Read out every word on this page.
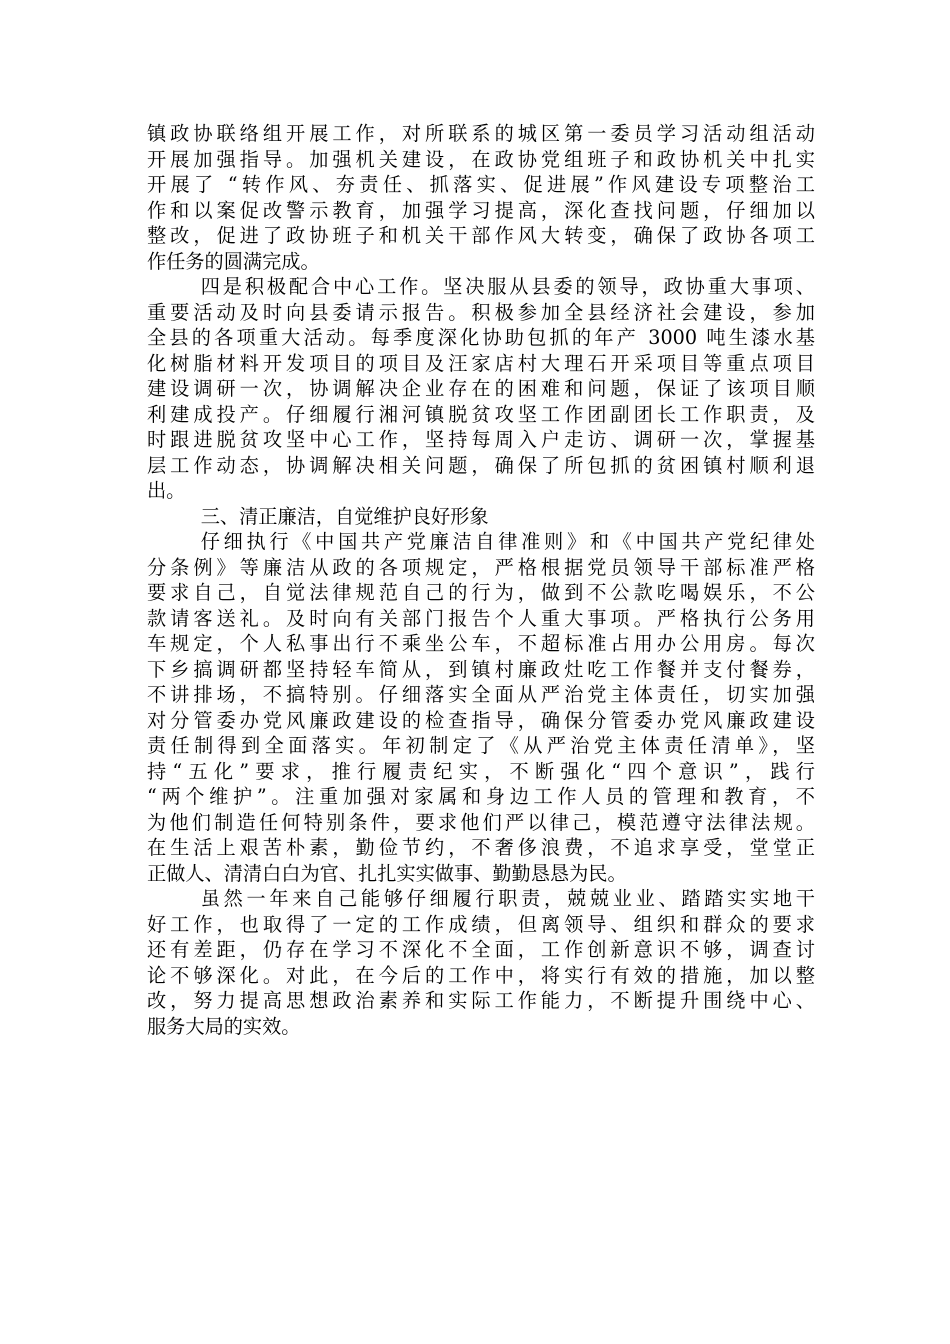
镇政协联络组开展工作，对所联系的城区第一委员学习活动组活动
开展加强指导。加强机关建设，在政协党组班子和政协机关中扎实
开展了 “转作风、夯责任、抓落实、促进展”作风建设专项整治工
作和以案促改警示教育，加强学习提高，深化查找问题，仔细加以
整改，促进了政协班子和机关干部作风大转变，确保了政协各项工
作任务的圆满完成。
四是积极配合中心工作。坚决服从县委的领导，政协重大事项、
重要活动及时向县委请示报告。积极参加全县经济社会建设，参加
全县的各项重大活动。每季度深化协助包抓的年产 3000 吨生漆水基
化树脂材料开发项目的项目及汪家店村大理石开采项目等重点项目
建设调研一次，协调解决企业存在的困难和问题，保证了该项目顺
利建成投产。仔细履行湘河镇脱贫攻坚工作团副团长工作职责，及
时跟进脱贫攻坚中心工作，坚持每周入户走访、调研一次，掌握基
层工作动态，协调解决相关问题，确保了所包抓的贫困镇村顺利退
出。
三、清正廉洁，自觉维护良好形象
仔细执行《中国共产党廉洁自律准则》和《中国共产党纪律处
分条例》等廉洁从政的各项规定，严格根据党员领导干部标准严格
要求自己，自觉法律规范自己的行为，做到不公款吃喝娱乐，不公
款请客送礼。及时向有关部门报告个人重大事项。严格执行公务用
车规定，个人私事出行不乘坐公车，不超标准占用办公用房。每次
下乡搞调研都坚持轻车简从，到镇村廉政灶吃工作餐并支付餐券，
不讲排场，不搞特别。仔细落实全面从严治党主体责任，切实加强
对分管委办党风廉政建设的检查指导，确保分管委办党风廉政建设
责任制得到全面落实。年初制定了《从严治党主体责任清单》，坚
持“五化”要求，推行履责纪实，不断强化“四个意识”，践行
“两个维护”。注重加强对家属和身边工作人员的管理和教育，不
为他们制造任何特别条件，要求他们严以律己，模范遵守法律法规。
在生活上艰苦朴素，勤俭节约，不奢侈浪费，不追求享受，堂堂正
正做人、清清白白为官、扎扎实实做事、勤勤恳恳为民。
虽然一年来自己能够仔细履行职责，兢兢业业、踏踏实实地干
好工作，也取得了一定的工作成绩，但离领导、组织和群众的要求
还有差距，仍存在学习不深化不全面，工作创新意识不够，调查讨
论不够深化。对此，在今后的工作中，将实行有效的措施，加以整
改，努力提高思想政治素养和实际工作能力，不断提升围绕中心、
服务大局的实效。
